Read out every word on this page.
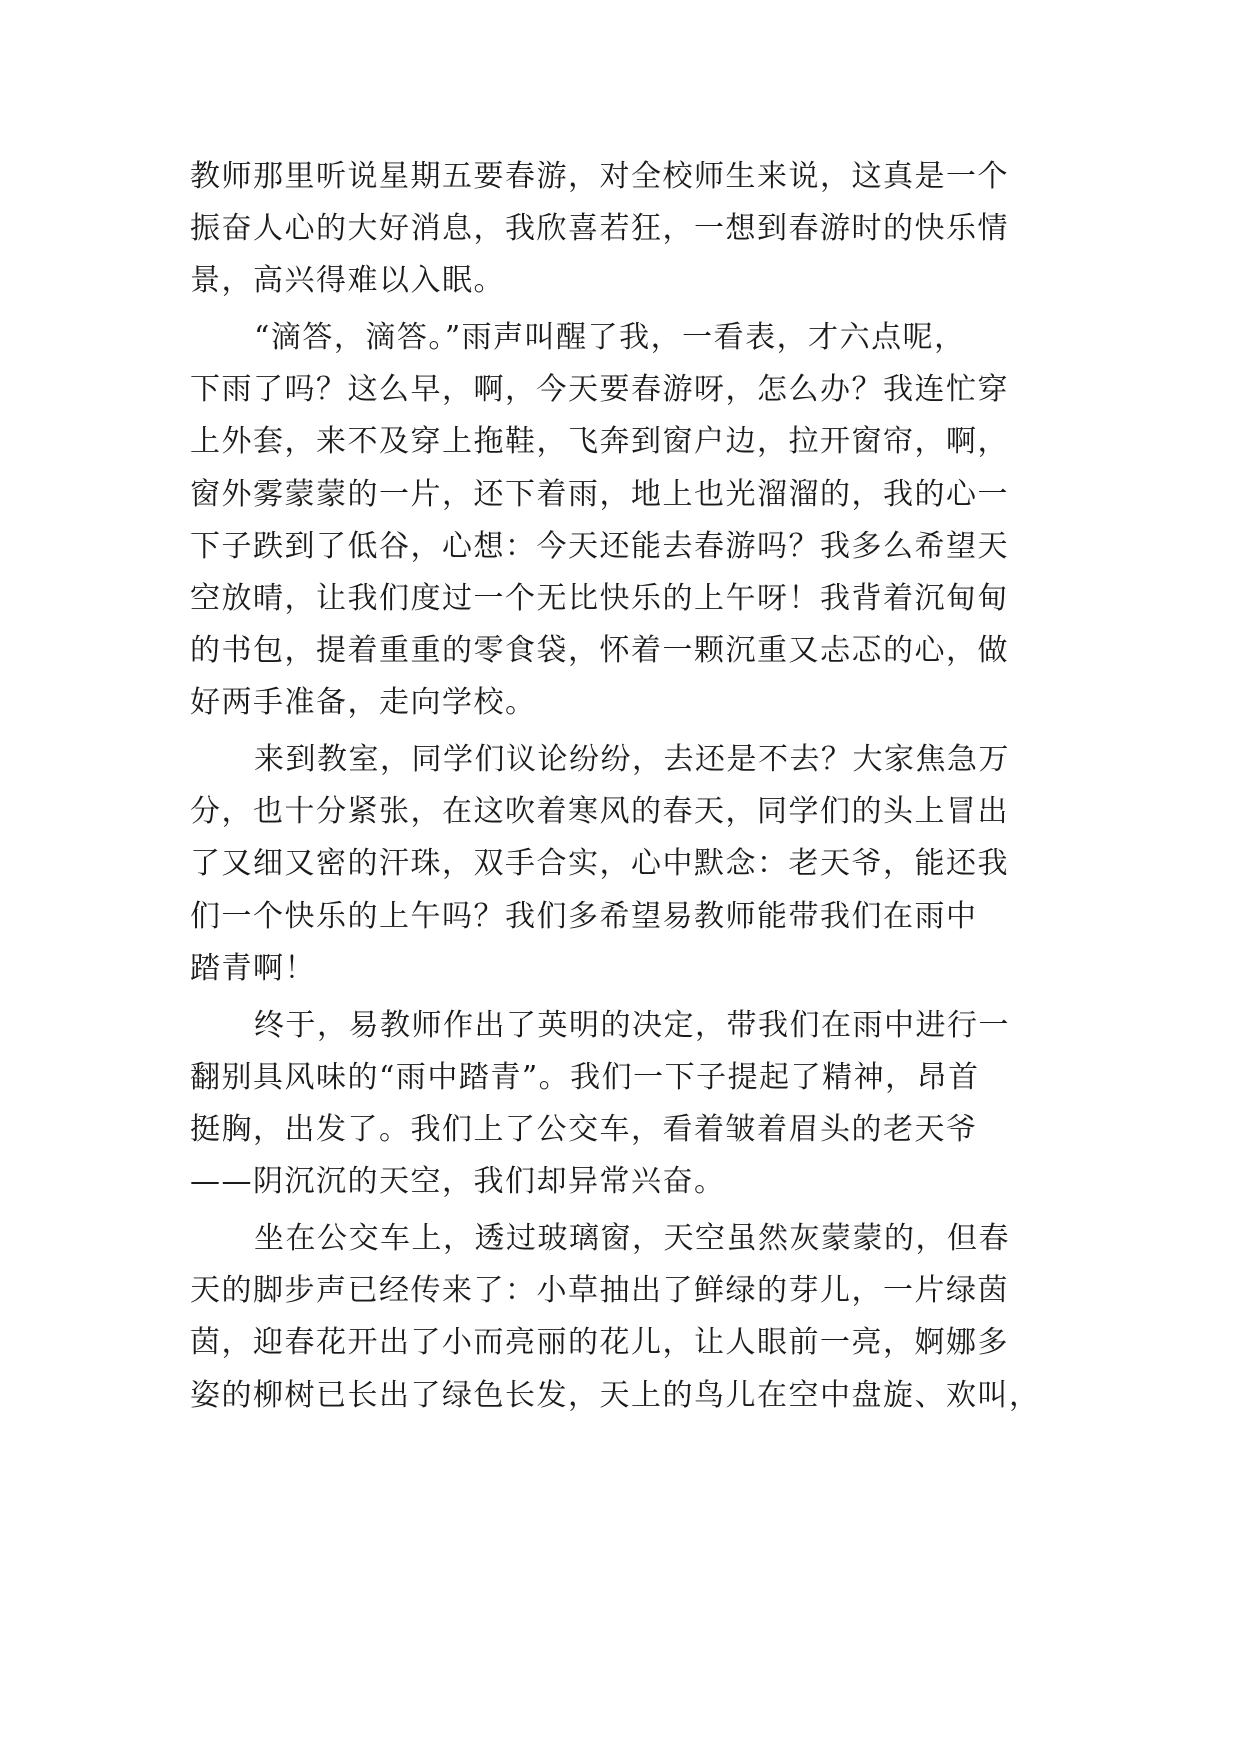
教师那里听说星期五要春游，对全校师生来说，这真是一个
振奋人心的大好消息，我欣喜若狂，一想到春游时的快乐情
景，高兴得难以入眠。
“滴答，滴答。”雨声叫醒了我，一看表，才六点呢，
下雨了吗？这么早，啊，今天要春游呀，怎么办？我连忙穿
上外套，来不及穿上拖鞋，飞奔到窗户边，拉开窗帘，啊，
窗外雾蒙蒙的一片，还下着雨，地上也光溜溜的，我的心一
下子跌到了低谷，心想：今天还能去春游吗？我多么希望天
空放晴，让我们度过一个无比快乐的上午呀！我背着沉甸甸
的书包，提着重重的零食袋，怀着一颗沉重又忐忑的心，做
好两手准备，走向学校。
来到教室，同学们议论纷纷，去还是不去？大家焦急万
分，也十分紧张，在这吹着寒风的春天，同学们的头上冒出
了又细又密的汗珠，双手合实，心中默念：老天爷，能还我
们一个快乐的上午吗？我们多希望易教师能带我们在雨中
踏青啊！
终于，易教师作出了英明的决定，带我们在雨中进行一
翻别具风味的“雨中踏青”。我们一下子提起了精神，昂首
挺胸，出发了。我们上了公交车，看着皱着眉头的老天爷
——阴沉沉的天空，我们却异常兴奋。
坐在公交车上，透过玻璃窗，天空虽然灰蒙蒙的，但春
天的脚步声已经传来了：小草抽出了鲜绿的芽儿，一片绿茵
茵，迎春花开出了小而亮丽的花儿，让人眼前一亮，婀娜多
姿的柳树已长出了绿色长发，天上的鸟儿在空中盘旋、欢叫，
